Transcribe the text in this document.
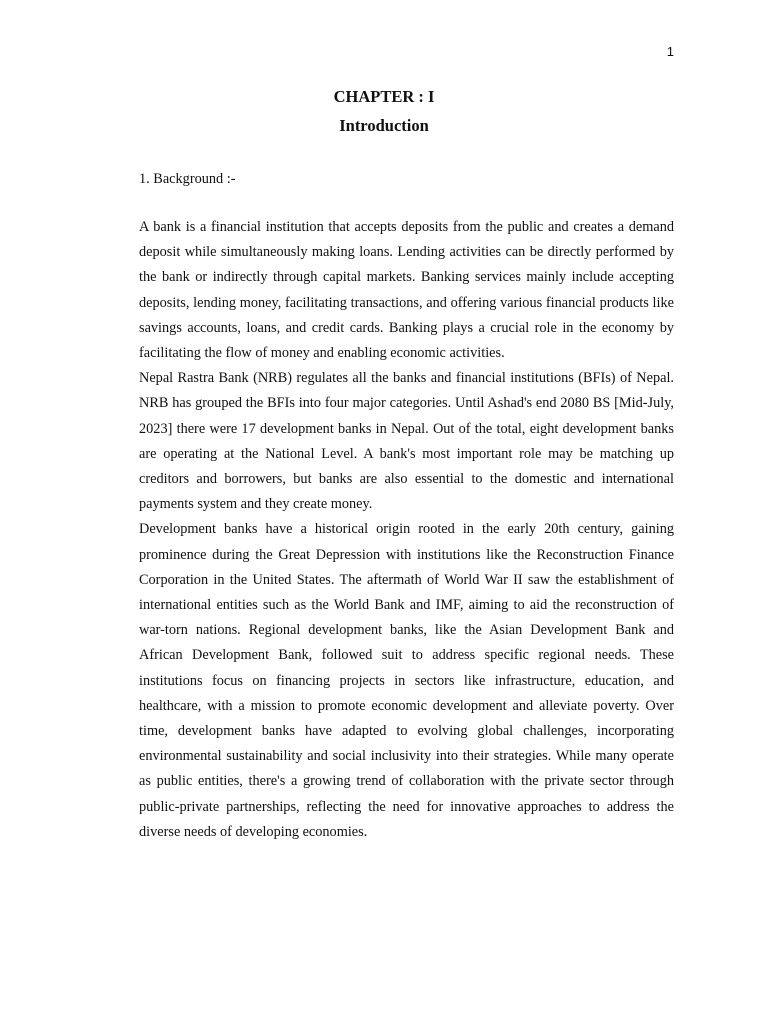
1
CHAPTER : I
Introduction
1. Background :-

A bank is a financial institution that accepts deposits from the public and creates a demand deposit while simultaneously making loans. Lending activities can be directly performed by the bank or indirectly through capital markets. Banking services mainly include accepting deposits, lending money, facilitating transactions, and offering various financial products like savings accounts, loans, and credit cards. Banking plays a crucial role in the economy by facilitating the flow of money and enabling economic activities.

Nepal Rastra Bank (NRB) regulates all the banks and financial institutions (BFIs) of Nepal. NRB has grouped the BFIs into four major categories. Until Ashad's end 2080 BS [Mid-July, 2023] there were 17 development banks in Nepal. Out of the total, eight development banks are operating at the National Level. A bank's most important role may be matching up creditors and borrowers, but banks are also essential to the domestic and international payments system and they create money.

Development banks have a historical origin rooted in the early 20th century, gaining prominence during the Great Depression with institutions like the Reconstruction Finance Corporation in the United States. The aftermath of World War II saw the establishment of international entities such as the World Bank and IMF, aiming to aid the reconstruction of war-torn nations. Regional development banks, like the Asian Development Bank and African Development Bank, followed suit to address specific regional needs. These institutions focus on financing projects in sectors like infrastructure, education, and healthcare, with a mission to promote economic development and alleviate poverty. Over time, development banks have adapted to evolving global challenges, incorporating environmental sustainability and social inclusivity into their strategies. While many operate as public entities, there's a growing trend of collaboration with the private sector through public-private partnerships, reflecting the need for innovative approaches to address the diverse needs of developing economies.
